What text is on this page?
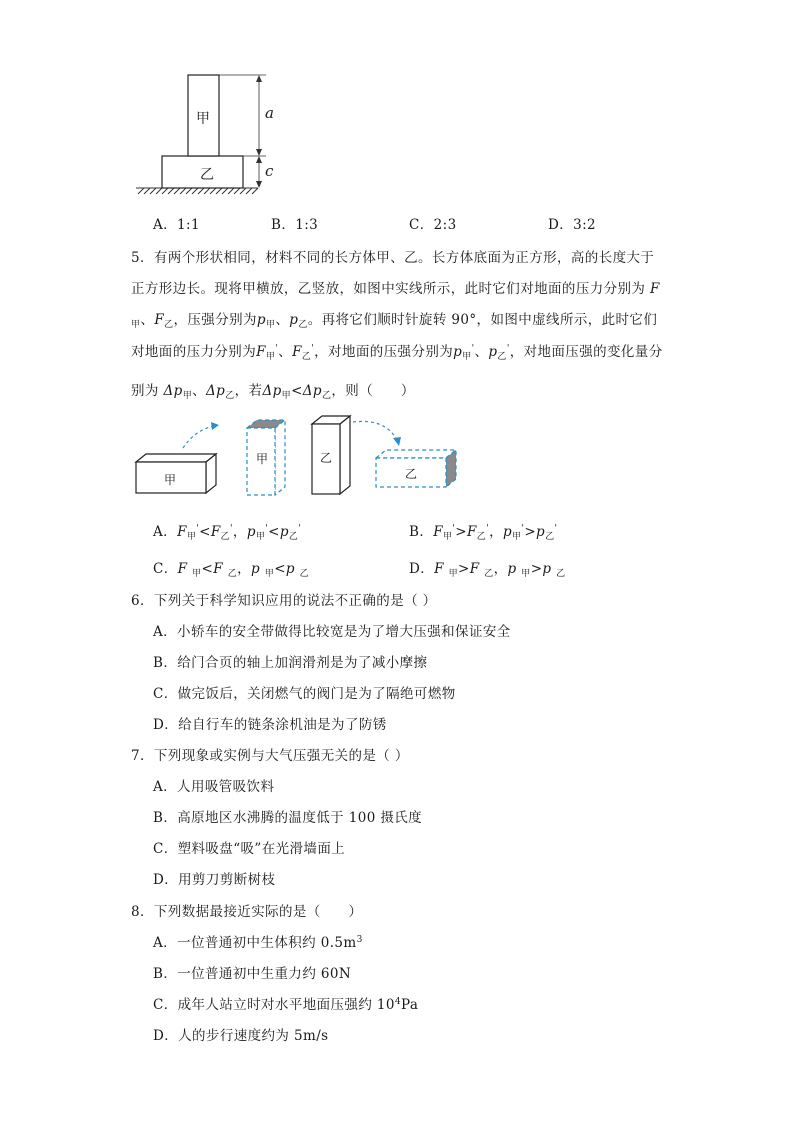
甲
乙
a
c
A．1:1	B．1:3	C．2:3	D．3:2
5．有两个形状相同，材料不同的长方体甲、乙。长方体底面为正方形，高的长度大于
正方形边长。现将甲横放，乙竖放，如图中实线所示，此时它们对地面的压力分别为 F
$_甲$、$F_乙$，压强分别为$p_甲$、$p_乙$。再将它们顺时针旋转 90°，如图中虚线所示，此时它们
对地面的压力分别为$F_甲'$、$F_乙'$，对地面的压强分别为$p_甲'$、$p_乙'$，对地面压强的变化量分
别为 $\Delta p_甲$、$\Delta p_乙$，若$\Delta p_甲<\Delta p_乙$，则（　　）
甲
甲	乙
乙
A．$F_甲'<F_乙'$，$p_甲'<p_乙'$	B．$F_甲'>F_乙'$，$p_甲'>p_乙'$
C．F $_甲$<F $_乙$，p $_甲$<p $_乙$	D．F $_甲$>F $_乙$，p $_甲$>p $_乙$
6．下列关于科学知识应用的说法不正确的是（ ）
A．小轿车的安全带做得比较宽是为了增大压强和保证安全
B．给门合页的轴上加润滑剂是为了减小摩擦
C．做完饭后，关闭燃气的阀门是为了隔绝可燃物
D．给自行车的链条涂机油是为了防锈
7．下列现象或实例与大气压强无关的是（ ）
A．人用吸管吸饮料
B．高原地区水沸腾的温度低于 100 摄氏度
C．塑料吸盘“吸”在光滑墙面上
D．用剪刀剪断树枝
8．下列数据最接近实际的是（　　）
A．一位普通初中生体积约 $0.5m^3$
B．一位普通初中生重力约 60N
C．成年人站立时对水平地面压强约 $10^4Pa$
D．人的步行速度约为 5m/s
